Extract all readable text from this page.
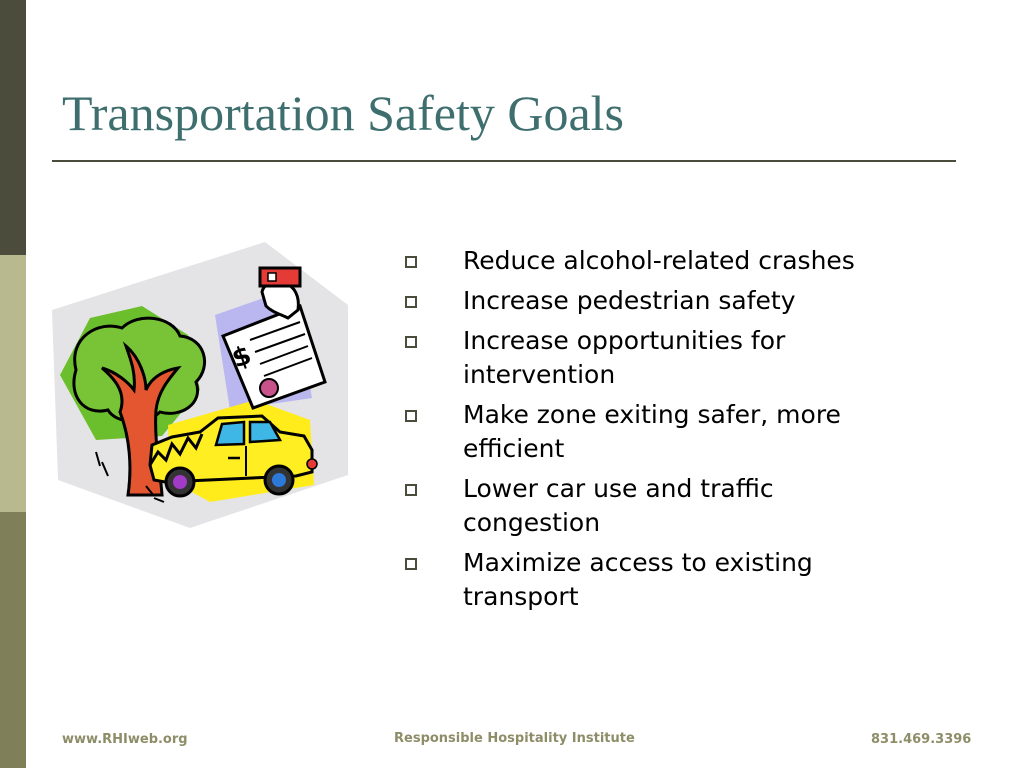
Transportation Safety Goals
$
Reduce alcohol-related crashes
Increase pedestrian safety
Increase opportunities for intervention
Make zone exiting safer, more efficient
Lower car use and traffic congestion
Maximize access to existing transport
www.RHIweb.org	Responsible Hospitality Institute	831.469.3396
